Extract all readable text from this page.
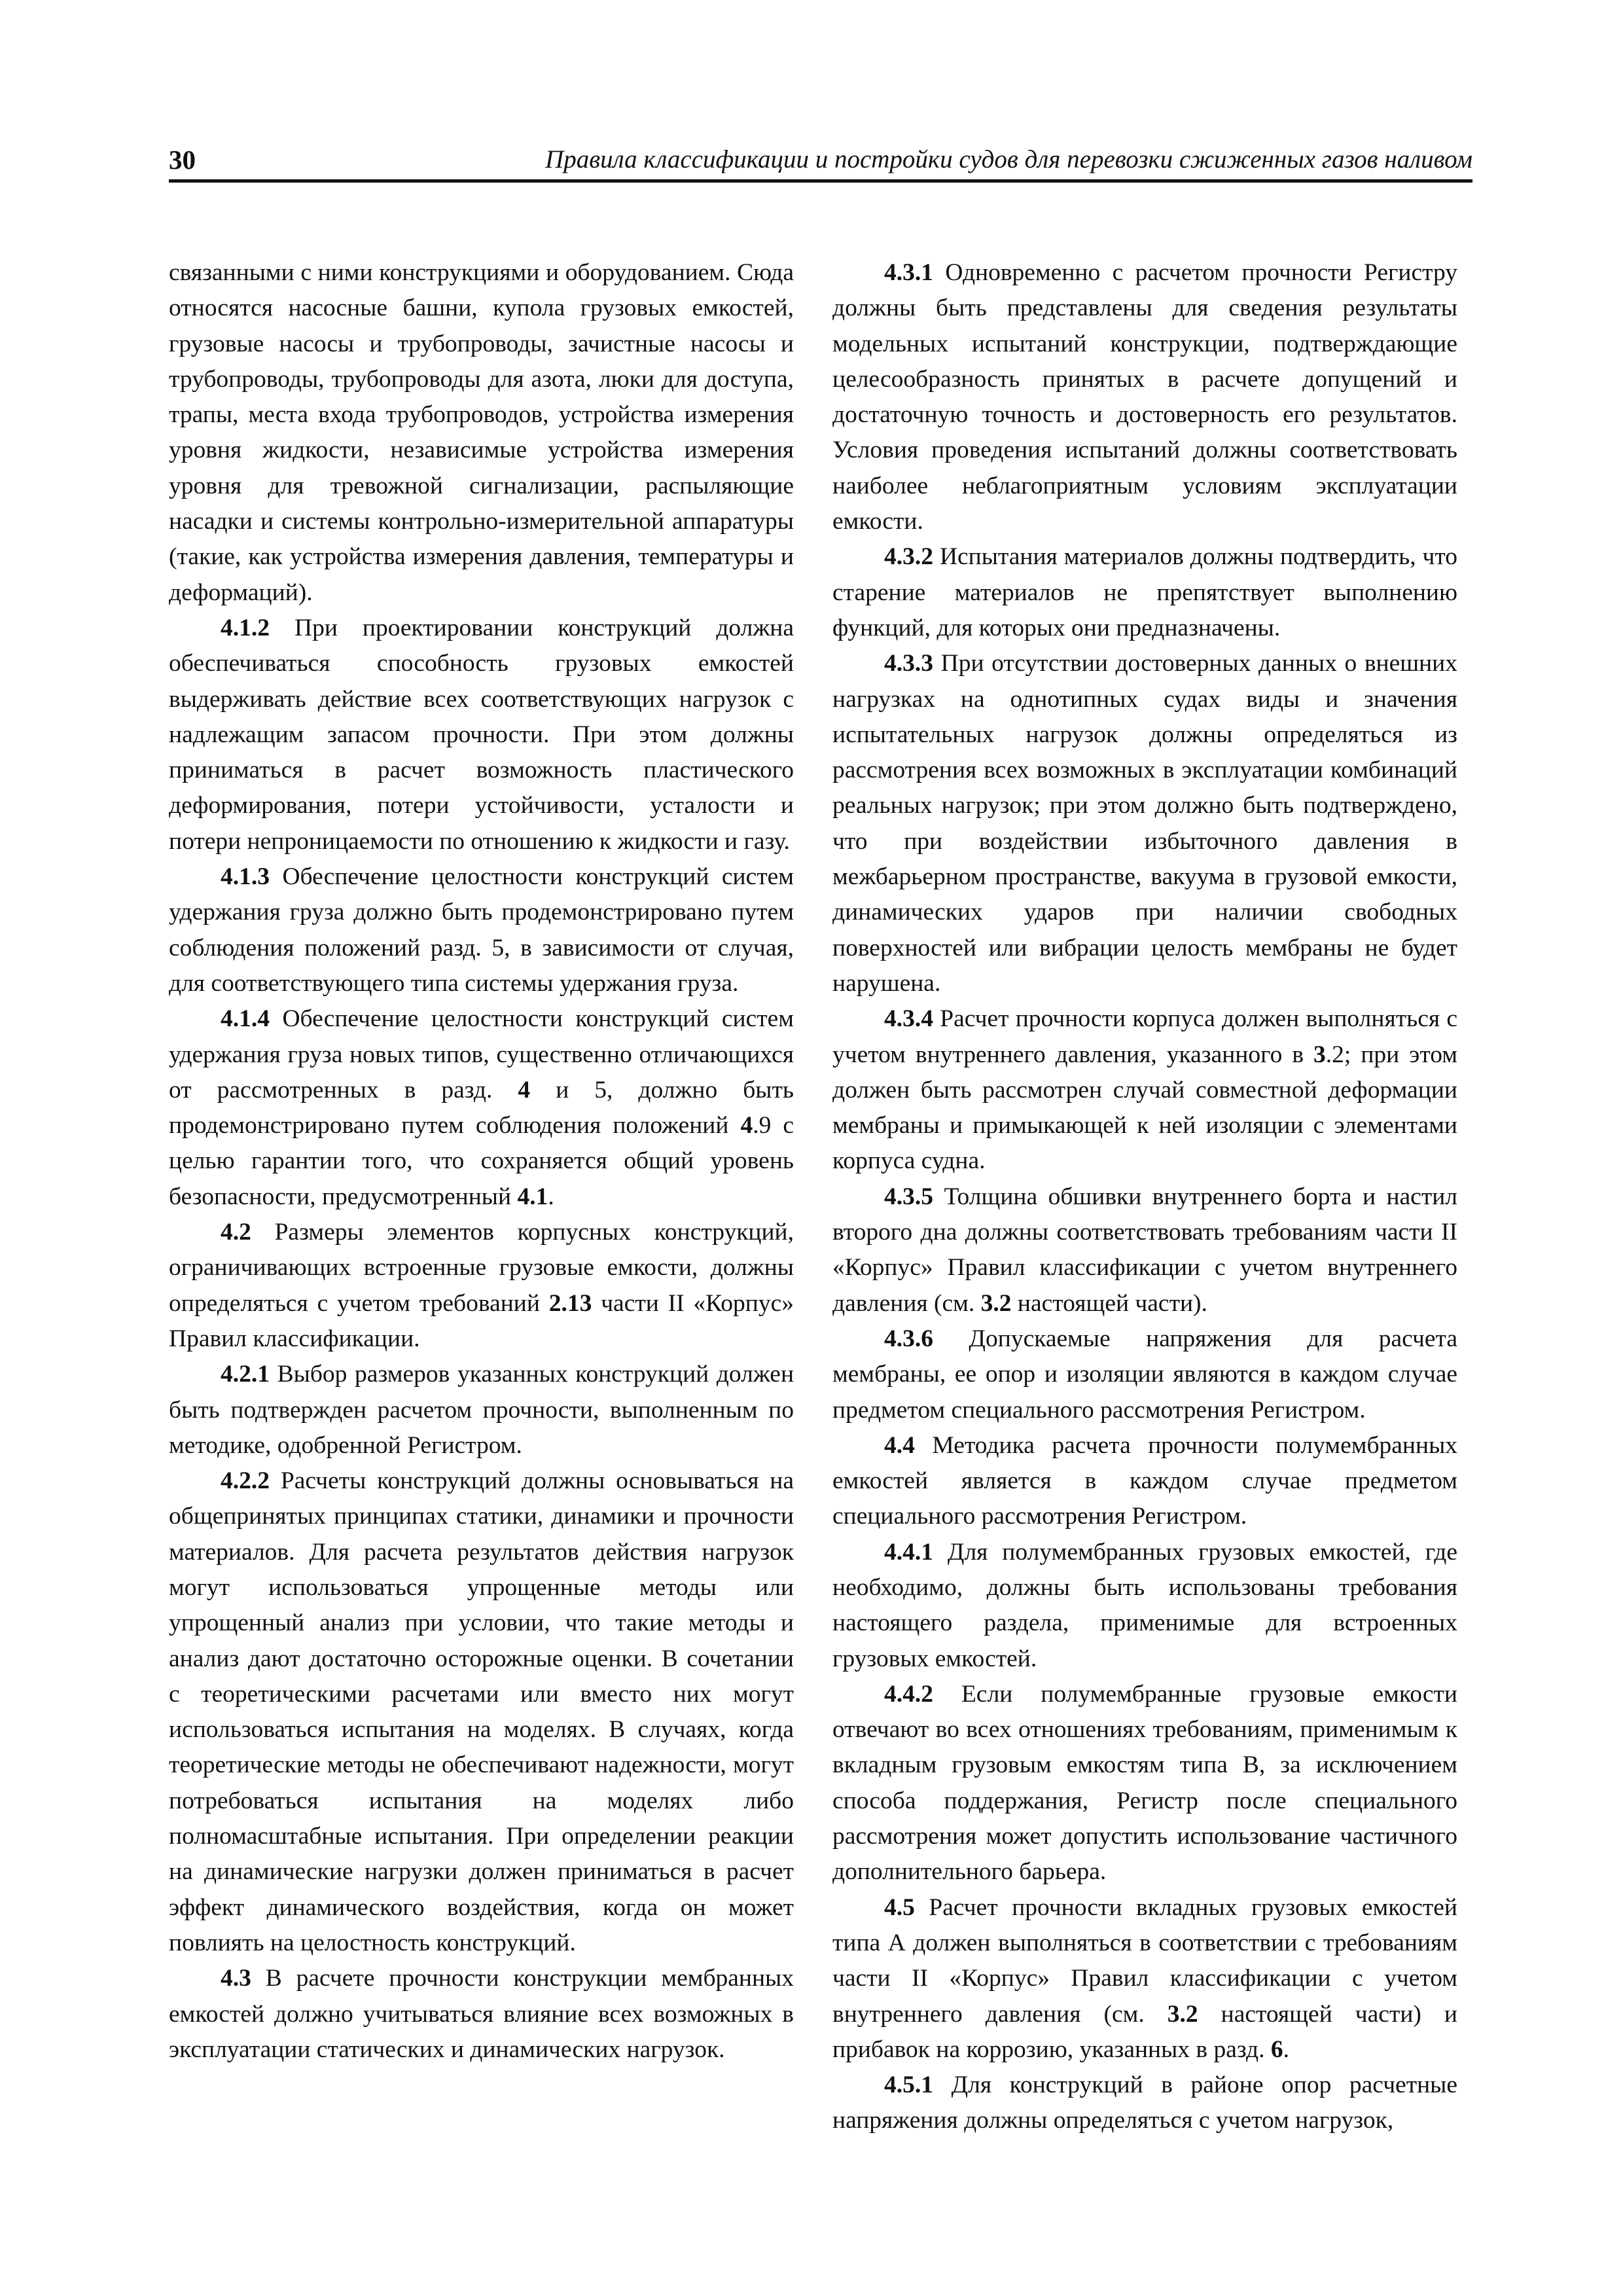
30	Правила классификации и постройки судов для перевозки сжиженных газов наливом

связанными с ними конструкциями и оборудованием. Сюда относятся насосные башни, купола грузовых емкостей, грузовые насосы и трубопроводы, зачистные насосы и трубопроводы, трубопроводы для азота, люки для доступа, трапы, места входа трубопроводов, устройства измерения уровня жидкости, независимые устройства измерения уровня для тревожной сигнализации, распыляющие насадки и системы контрольно-измерительной аппаратуры (такие, как устройства измерения давления, температуры и деформаций).

4.1.2 При проектировании конструкций должна обеспечиваться способность грузовых емкостей выдерживать действие всех соответствующих нагрузок с надлежащим запасом прочности. При этом должны приниматься в расчет возможность пластического деформирования, потери устойчивости, усталости и потери непроницаемости по отношению к жидкости и газу.

4.1.3 Обеспечение целостности конструкций систем удержания груза должно быть продемонстрировано путем соблюдения положений разд. 5, в зависимости от случая, для соответствующего типа системы удержания груза.

4.1.4 Обеспечение целостности конструкций систем удержания груза новых типов, существенно отличающихся от рассмотренных в разд. 4 и 5, должно быть продемонстрировано путем соблюдения положений 4.9 с целью гарантии того, что сохраняется общий уровень безопасности, предусмотренный 4.1.

4.2 Размеры элементов корпусных конструкций, ограничивающих встроенные грузовые емкости, должны определяться с учетом требований 2.13 части II «Корпус» Правил классификации.

4.2.1 Выбор размеров указанных конструкций должен быть подтвержден расчетом прочности, выполненным по методике, одобренной Регистром.

4.2.2 Расчеты конструкций должны основываться на общепринятых принципах статики, динамики и прочности материалов. Для расчета результатов действия нагрузок могут использоваться упрощенные методы или упрощенный анализ при условии, что такие методы и анализ дают достаточно осторожные оценки. В сочетании с теоретическими расчетами или вместо них могут использоваться испытания на моделях. В случаях, когда теоретические методы не обеспечивают надежности, могут потребоваться испытания на моделях либо полномасштабные испытания. При определении реакции на динамические нагрузки должен приниматься в расчет эффект динамического воздействия, когда он может повлиять на целостность конструкций.

4.3 В расчете прочности конструкции мембранных емкостей должно учитываться влияние всех возможных в эксплуатации статических и динамических нагрузок.

4.3.1 Одновременно с расчетом прочности Регистру должны быть представлены для сведения результаты модельных испытаний конструкции, подтверждающие целесообразность принятых в расчете допущений и достаточную точность и достоверность его результатов. Условия проведения испытаний должны соответствовать наиболее неблагоприятным условиям эксплуатации емкости.

4.3.2 Испытания материалов должны подтвердить, что старение материалов не препятствует выполнению функций, для которых они предназначены.

4.3.3 При отсутствии достоверных данных о внешних нагрузках на однотипных судах виды и значения испытательных нагрузок должны определяться из рассмотрения всех возможных в эксплуатации комбинаций реальных нагрузок; при этом должно быть подтверждено, что при воздействии избыточного давления в межбарьерном пространстве, вакуума в грузовой емкости, динамических ударов при наличии свободных поверхностей или вибрации целость мембраны не будет нарушена.

4.3.4 Расчет прочности корпуса должен выполняться с учетом внутреннего давления, указанного в 3.2; при этом должен быть рассмотрен случай совместной деформации мембраны и примыкающей к ней изоляции с элементами корпуса судна.

4.3.5 Толщина обшивки внутреннего борта и настил второго дна должны соответствовать требованиям части II «Корпус» Правил классификации с учетом внутреннего давления (см. 3.2 настоящей части).

4.3.6 Допускаемые напряжения для расчета мембраны, ее опор и изоляции являются в каждом случае предметом специального рассмотрения Регистром.

4.4 Методика расчета прочности полумембранных емкостей является в каждом случае предметом специального рассмотрения Регистром.

4.4.1 Для полумембранных грузовых емкостей, где необходимо, должны быть использованы требования настоящего раздела, применимые для встроенных грузовых емкостей.

4.4.2 Если полумембранные грузовые емкости отвечают во всех отношениях требованиям, применимым к вкладным грузовым емкостям типа В, за исключением способа поддержания, Регистр после специального рассмотрения может допустить использование частичного дополнительного барьера.

4.5 Расчет прочности вкладных грузовых емкостей типа А должен выполняться в соответствии с требованиям части II «Корпус» Правил классификации с учетом внутреннего давления (см. 3.2 настоящей части) и прибавок на коррозию, указанных в разд. 6.

4.5.1 Для конструкций в районе опор расчетные напряжения должны определяться с учетом нагрузок,
